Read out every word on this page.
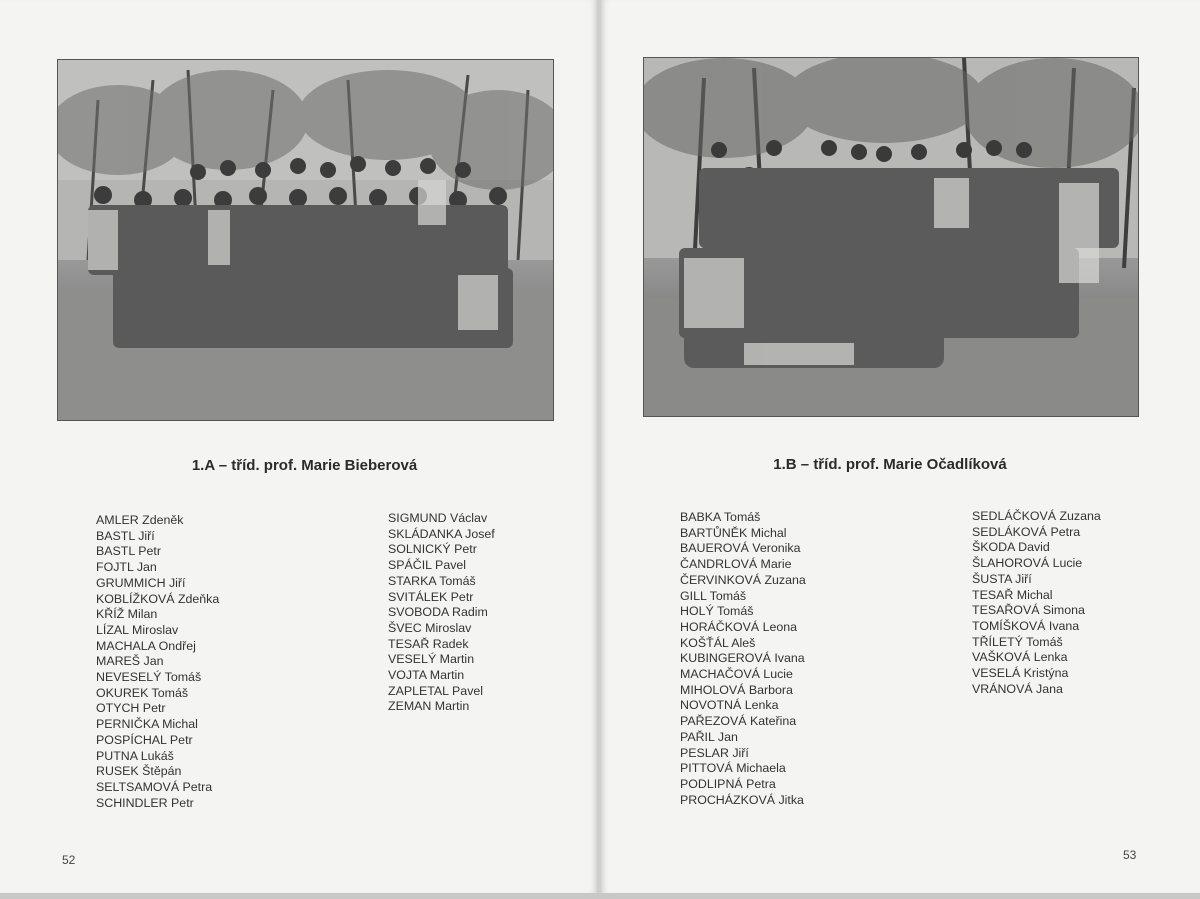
1.A – tříd. prof. Marie Bieberová
AMLER Zdeněk
BASTL Jiří
BASTL Petr
FOJTL Jan
GRUMMICH Jiří
KOBLÍŽKOVÁ Zdeňka
KŘÍŽ Milan
LÍZAL Miroslav
MACHALA Ondřej
MAREŠ Jan
NEVESELÝ Tomáš
OKUREK Tomáš
OTYCH Petr
PERNIČKA Michal
POSPÍCHAL Petr
PUTNA Lukáš
RUSEK Štěpán
SELTSAMOVÁ Petra
SCHINDLER Petr
SIGMUND Václav
SKLÁDANKA Josef
SOLNICKÝ Petr
SPÁČIL Pavel
STARKA Tomáš
SVITÁLEK Petr
SVOBODA Radim
ŠVEC Miroslav
TESAŘ Radek
VESELÝ Martin
VOJTA Martin
ZAPLETAL Pavel
ZEMAN Martin
52
1.B – tříd. prof. Marie Očadlíková
BABKA Tomáš
BARTŮNĚK Michal
BAUEROVÁ Veronika
ČANDRLOVÁ Marie
ČERVINKOVÁ Zuzana
GILL Tomáš
HOLÝ Tomáš
HORÁČKOVÁ Leona
KOŠŤÁL Aleš
KUBINGEROVÁ Ivana
MACHAČOVÁ Lucie
MIHOLOVÁ Barbora
NOVOTNÁ Lenka
PAŘEZOVÁ Kateřina
PAŘIL Jan
PESLAR Jiří
PITTOVÁ Michaela
PODLIPNÁ Petra
PROCHÁZKOVÁ Jitka
SEDLÁČKOVÁ Zuzana
SEDLÁKOVÁ Petra
ŠKODA David
ŠLAHOROVÁ Lucie
ŠUSTA Jiří
TESAŘ Michal
TESAŘOVÁ Simona
TOMÍŠKOVÁ Ivana
TŘÍLETÝ Tomáš
VAŠKOVÁ Lenka
VESELÁ Kristýna
VRÁNOVÁ Jana
53
